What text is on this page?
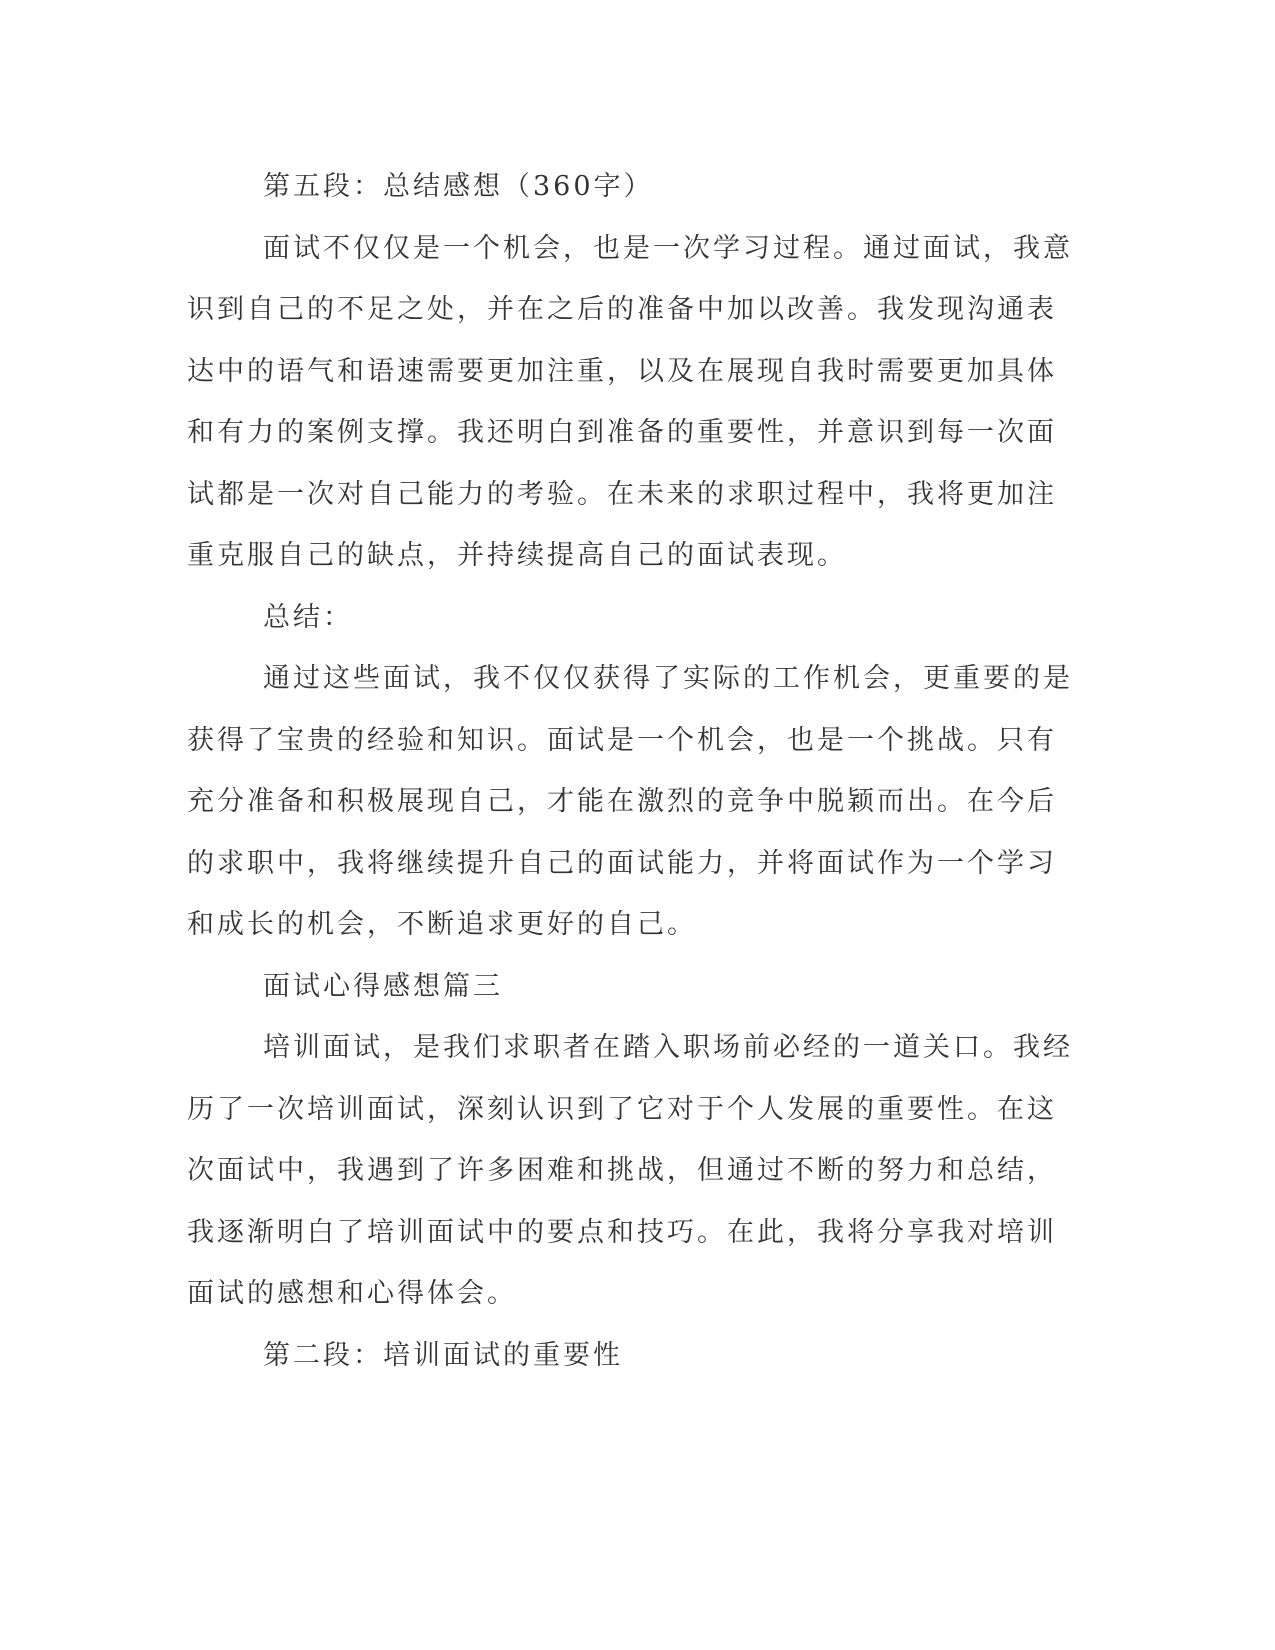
第五段：总结感想（360字）

面试不仅仅是一个机会，也是一次学习过程。通过面试，我意识到自己的不足之处，并在之后的准备中加以改善。我发现沟通表达中的语气和语速需要更加注重，以及在展现自我时需要更加具体和有力的案例支撑。我还明白到准备的重要性，并意识到每一次面试都是一次对自己能力的考验。在未来的求职过程中，我将更加注重克服自己的缺点，并持续提高自己的面试表现。

总结：

通过这些面试，我不仅仅获得了实际的工作机会，更重要的是获得了宝贵的经验和知识。面试是一个机会，也是一个挑战。只有充分准备和积极展现自己，才能在激烈的竞争中脱颖而出。在今后的求职中，我将继续提升自己的面试能力，并将面试作为一个学习和成长的机会，不断追求更好的自己。

面试心得感想篇三

培训面试，是我们求职者在踏入职场前必经的一道关口。我经历了一次培训面试，深刻认识到了它对于个人发展的重要性。在这次面试中，我遇到了许多困难和挑战，但通过不断的努力和总结，我逐渐明白了培训面试中的要点和技巧。在此，我将分享我对培训面试的感想和心得体会。

第二段：培训面试的重要性
